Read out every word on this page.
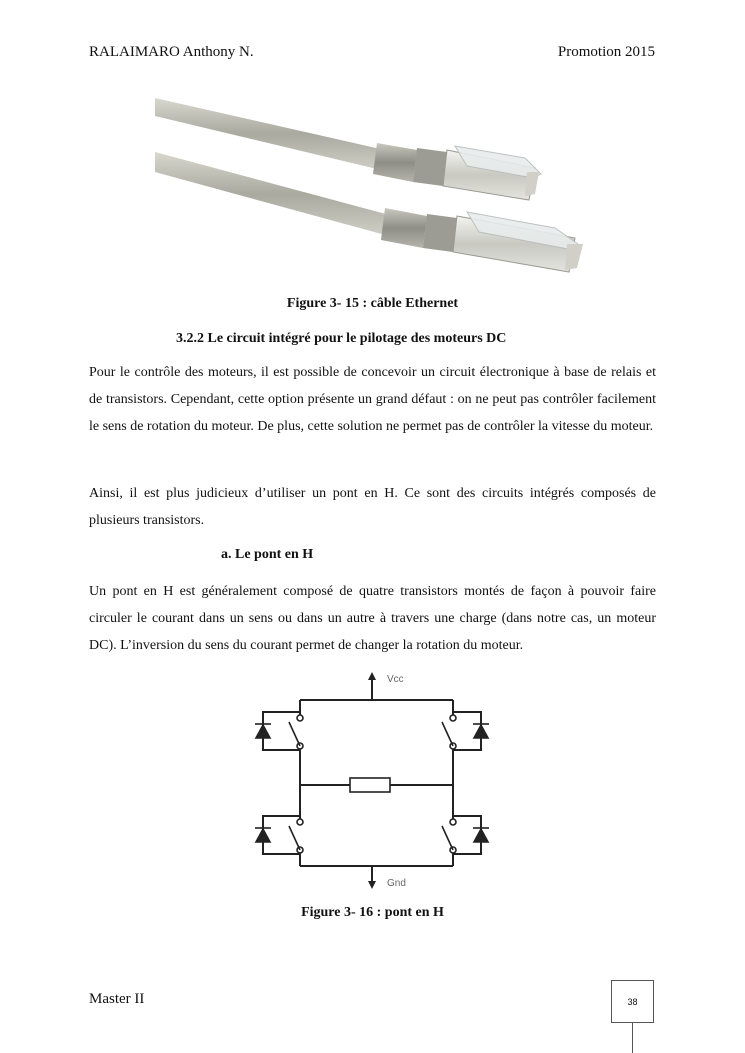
RALAIMARO Anthony N.	Promotion 2015
Figure 3- 15 : câble Ethernet
3.2.2 Le circuit intégré pour le pilotage des moteurs DC

Pour le contrôle des moteurs, il est possible de concevoir un circuit électronique à base de relais et de transistors. Cependant, cette option présente un grand défaut : on ne peut pas contrôler facilement le sens de rotation du moteur. De plus, cette solution ne permet pas de contrôler la vitesse du moteur.

Ainsi, il est plus judicieux d’utiliser un pont en H. Ce sont des circuits intégrés composés de plusieurs transistors.

a. Le pont en H

Un pont en H est généralement composé de quatre transistors montés de façon à pouvoir faire circuler le courant dans un sens ou dans un autre à travers une charge (dans notre cas, un moteur DC). L’inversion du sens du courant permet de changer la rotation du moteur.

Vcc
Gnd
Figure 3- 16 : pont en H
Master II	38
